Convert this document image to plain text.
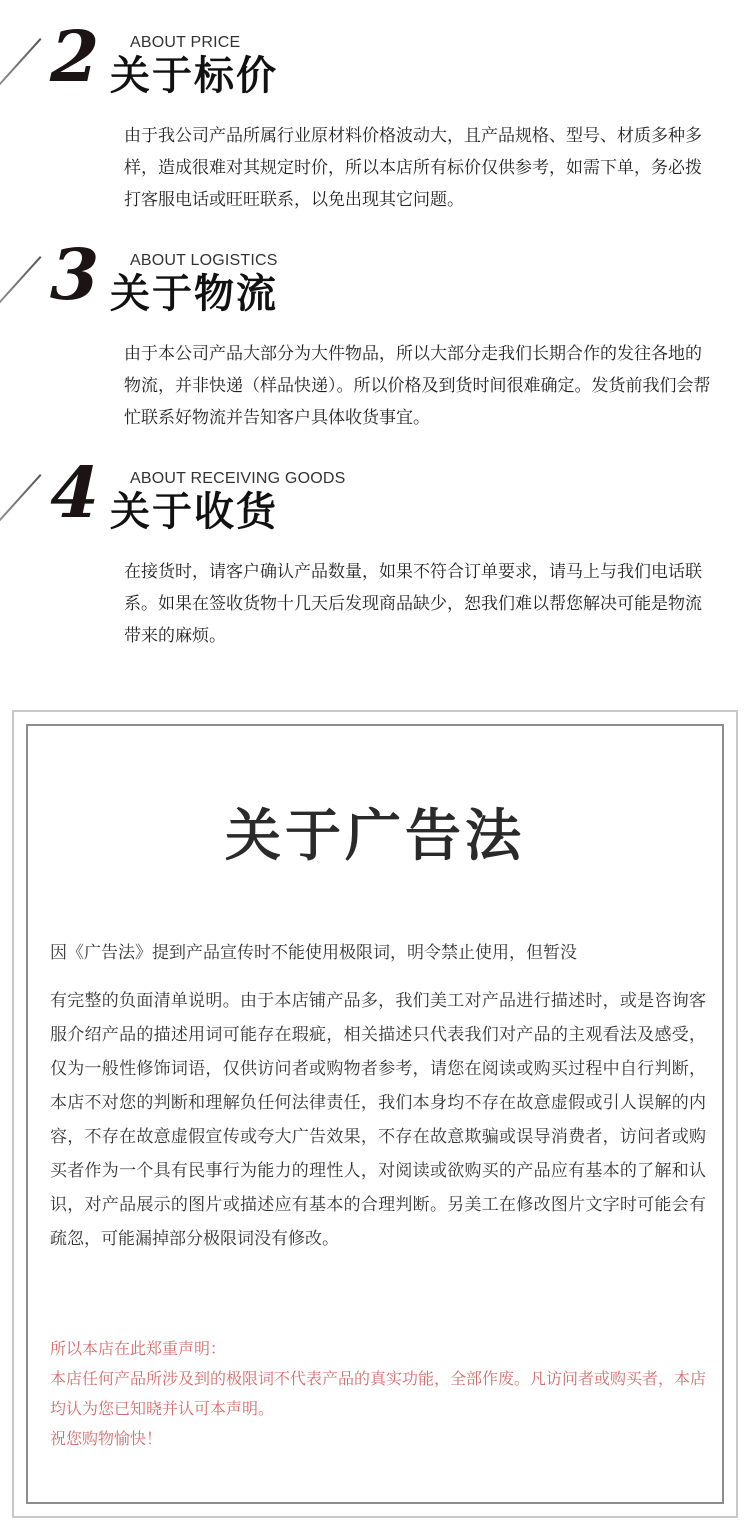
2 ABOUT PRICE
关于标价

由于我公司产品所属行业原材料价格波动大，且产品规格、型号、材质多种多样，造成很难对其规定时价，所以本店所有标价仅供参考，如需下单，务必拨打客服电话或旺旺联系，以免出现其它问题。

3 ABOUT LOGISTICS
关于物流

由于本公司产品大部分为大件物品，所以大部分走我们长期合作的发往各地的物流，并非快递（样品快递）。所以价格及到货时间很难确定。发货前我们会帮忙联系好物流并告知客户具体收货事宜。

4 ABOUT RECEIVING GOODS
关于收货

在接货时，请客户确认产品数量，如果不符合订单要求，请马上与我们电话联系。如果在签收货物十几天后发现商品缺少，恕我们难以帮您解决可能是物流带来的麻烦。

关于广告法

因《广告法》提到产品宣传时不能使用极限词，明令禁止使用，但暂没

有完整的负面清单说明。由于本店铺产品多，我们美工对产品进行描述时，或是咨询客服介绍产品的描述用词可能存在瑕疵，相关描述只代表我们对产品的主观看法及感受，仅为一般性修饰词语，仅供访问者或购物者参考，请您在阅读或购买过程中自行判断，本店不对您的判断和理解负任何法律责任，我们本身均不存在故意虚假或引人误解的内容，不存在故意虚假宣传或夸大广告效果，不存在故意欺骗或误导消费者，访问者或购买者作为一个具有民事行为能力的理性人，对阅读或欲购买的产品应有基本的了解和认识，对产品展示的图片或描述应有基本的合理判断。另美工在修改图片文字时可能会有疏忽，可能漏掉部分极限词没有修改。

所以本店在此郑重声明：

本店任何产品所涉及到的极限词不代表产品的真实功能，全部作废。凡访问者或购买者，本店均认为您已知晓并认可本声明。

祝您购物愉快！
